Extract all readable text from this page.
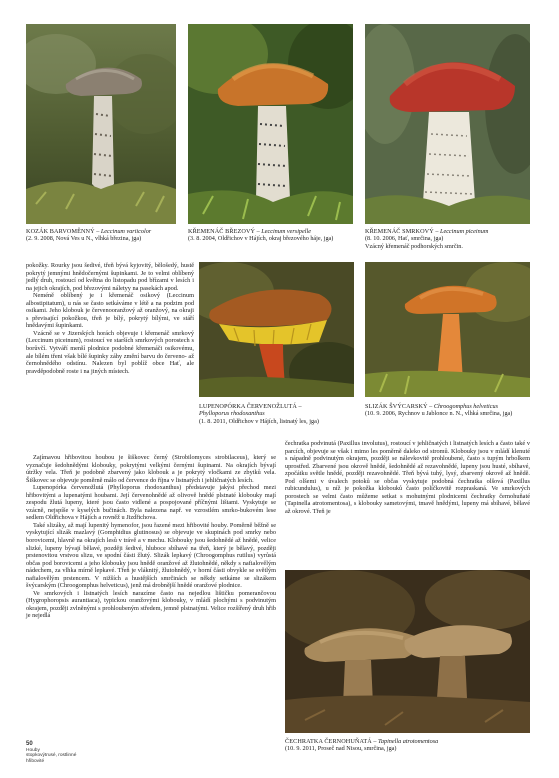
KOZÁK BARVOMĚNNÝ – Leccinum variicolor
(2. 9. 2008, Nová Ves u N., vlhká březina, jga)
KŘEMENÁČ BŘEZOVÝ – Leccinum versipelle
(3. 8. 2004, Oldřichov v Hájích, okraj březového háje, jga)
KŘEMENÁČ SMRKOVÝ – Leccinum piceinum
(8. 10. 2006, Hať, smrčina, jga)
Vzácný křemenáč podhorských smrčin.
LUPENOPÓRKA ČERVENOŽLUTÁ –
Phylloporus rhodoxanthus
(1. 8. 2011, Oldřichov v Hájích, listnatý les, jga)
SLIZÁK ŠVÝCARSKÝ – Chroogomphus helveticus
(10. 9. 2006, Rychnov u Jablonce n. N., vlhká smrčina, jga)
ČECHRATKA ČERNOHUŇATÁ – Tapinella atrotomentosa
(10. 9. 2011, Proseč nad Nisou, smrčina, jga)

pokožky. Rourky jsou šedivé, třeň bývá kyjovitý, bělošedý, hustě pokrytý jemnými hnědočernými šupinkami. Je to velmi oblíbený jedlý druh, rostoucí od května do listopadu pod břízami v lesích i na jejich okrajích, pod březovými náletyy na pasekách apod.

Neméně oblíbený je i křemenáč osikový (Leccinum albostipitatum), u nás se často setkáváme v létě a na podzim pod osikami. Jeho klobouk je červenooranžový až oranžový, na okraji s převisající pokožkou, třeň je bílý, pokrytý bílými, ve stáří hnědavými šupinkami.

Vzácně se v Jizerských horách objevuje i křemenáč smrkový (Leccinum piceinum), rostoucí ve starších smrkových porostech s borůvčí. Vytváří menší plodnice podobné křemenáči osikovému, ale bílém třeni však bílé šupinky záhy změní barvu do červeno- až černohnědého odstínu. Nalezen byl poblíž obce Hať, ale pravděpodobně roste i na jiných místech.

Zajímavou hřibovitou houbou je šiškovec černý (Strobilomyces strobilaceus), který se vyznačuje šedohnědými klobouky, pokrytými velkými černými šupinami. Na okrajích bývají útržky vela. Třeň je podobně zbarvený jako klobouk a je pokrytý vločkami ze zbytků vela. Šiškovec se objevuje poměrně málo od července do října v listnatých i jehličnatých lesích.

Lupenopórka červenožlutá (Phylloporus rhodoxanthus) představuje jakýsi přechod mezi hřibovitými a lupenatými houbami. Její červenohnědé až olivově hnědé plstnaté klobouky mají zespodu žlutá lupeny, které jsou často vidlené a pospojované příčnými lištami. Vyskytuje se vzácně, nejspíše v kyselých bučinách. Byla nalezena např. ve vzrostlém smrko-bukovém lese sedlem Oldřichova v Hájích a rovněž u Jizdřichova.

Také slizáky, až mají lupenitý hymenofor, jsou řazené mezi hřibovité houby. Poměrně běžně se vyskytující slizák mazlavý (Gomphidius glutinosus) se objevuje ve skupinách pod smrky nebo borovicemi, hlavně na okrajích lesů v trávě a v mechu. Klobouky jsou šedohnědé až hnědé, velice slizké, lupeny bývají bělavé, později šedivé, hluboce sbíhavé na třeň, který je bělavý, později prstenovitou vrstvou slizu, ve spodní části žlutý. Slizák lepkavý (Chroogomphus rutilus) vyrůstá občas pod borovicemi a jeho klobouky jsou hnědě oranžové až žlutohnědé, někdy s nafialovělým nádechem, za vlhka mírně lepkavé. Třeň je vláknitý, žlutohnědý, v horní části obvykle se světlým nafialovělým prstencem. V nižších a hustějších smrčinách se někdy setkáme se slizákem švýcarským (Chroogomphus helveticus), jenž má drobnější hnědé oranžové plodnice.

Ve smrkových i listnatých lesích narazíme často na nejedlou lištičku pomerančovou (Hygrophoropsis aurantiaca), typickou oranžovými klobouky, v mládí plochými s podvinutým okrajem, později zvlněnými s prohloubeným středem, jemně plstnatými. Velice rozšířený druh hřib je nejedlá

čechratka podvinutá (Paxillus involutus), rostoucí v jehličnatých i listnatých lesích a často také v parcích, objevuje se však i mimo les poměrně daleko od stromů. Klobouky jsou v mládí klenuté s nápadně podvinutým okrajem, později se nálevkovitě prohloubené, často s tupým hrbolkem uprostřed. Zbarvené jsou okrově hnědé, šedohnědé až rezavohnědé, lupeny jsou husté, sbíhavé, zpočátku světle hnědé, později rezavohnědé. Třeň bývá tuhý, lysý, zbarvený okrově až hnědě. Pod olšemi v úvalech potoků se občas vyskytuje podobná čechratka olšová (Paxillus rubicundulus), u níž je pokožka klobouků často políčkovitě rozpraskaná. Ve smrkových porostech se velmi často můžeme setkat s mohutnými plodnicemi čechratky černohuňaté (Tapinella atrotomentosa), s klobouky sametovými, tmavě hnědými, lupeny má sbíhavé, bělavé až okrové. Třeň je

50
Houby
stopkovýtrusé, rostlinné
hřibovité
